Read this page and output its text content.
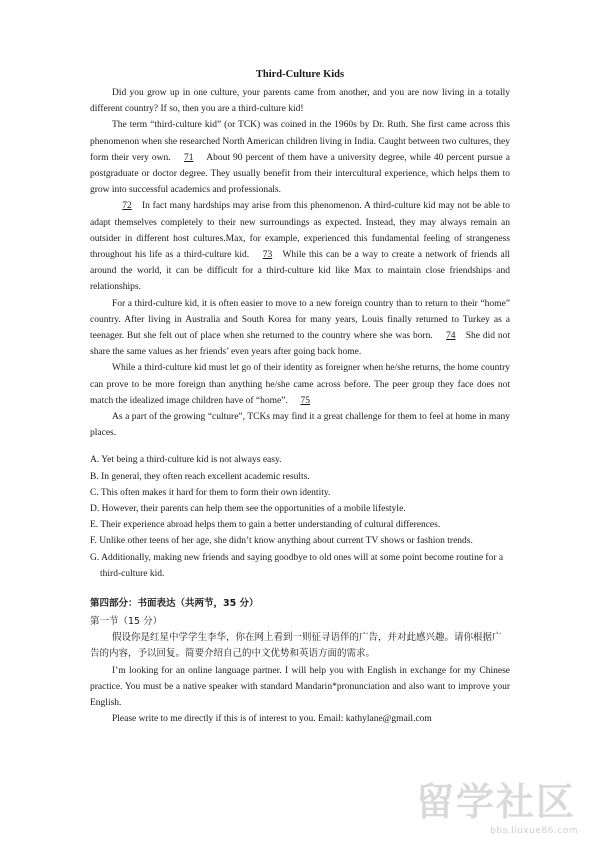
Third-Culture Kids

Did you grow up in one culture, your parents came from another, and you are now living in a totally different country? If so, then you are a third-culture kid!

The term “third-culture kid” (or TCK) was coined in the 1960s by Dr. Ruth. She first came across this phenomenon when she researched North American children living in India. Caught between two cultures, they form their very own. 71 About 90 percent of them have a university degree, while 40 percent pursue a postgraduate or doctor degree. They usually benefit from their intercultural experience, which helps them to grow into successful academics and professionals.

72 In fact many hardships may arise from this phenomenon. A third-culture kid may not be able to adapt themselves completely to their new surroundings as expected. Instead, they may always remain an outsider in different host cultures.Max, for example, experienced this fundamental feeling of strangeness throughout his life as a third-culture kid. 73 While this can be a way to create a network of friends all around the world, it can be difficult for a third-culture kid like Max to maintain close friendships and relationships.

For a third-culture kid, it is often easier to move to a new foreign country than to return to their “home” country. After living in Australia and South Korea for many years, Louis finally returned to Turkey as a teenager. But she felt out of place when she returned to the country where she was born. 74 She did not share the same values as her friends’ even years after going back home.

While a third-culture kid must let go of their identity as foreigner when he/she returns, the home country can prove to be more foreign than anything he/she came across before. The peer group they face does not match the idealized image children have of “home”. 75

As a part of the growing “culture”, TCKs may find it a great challenge for them to feel at home in many places.

A. Yet being a third-culture kid is not always easy.

B. In general, they often reach excellent academic results.

C. This often makes it hard for them to form their own identity.

D. However, their parents can help them see the opportunities of a mobile lifestyle.

E. Their experience abroad helps them to gain a better understanding of cultural differences.

F. Unlike other teens of her age, she didn’t know anything about current TV shows or fashion trends.

G. Additionally, making new friends and saying goodbye to old ones will at some point become routine for a third-culture kid.

第四部分：书面表达（共两节，35 分）

第一节（15 分）

假设你是红星中学学生李华，你在网上看到一则征寻语伴的广告，并对此感兴趣。请你根据广告的内容，予以回复。简要介绍自己的中文优势和英语方面的需求。

I’m looking for an online language partner. I will help you with English in exchange for my Chinese practice. You must be a native speaker with standard Mandarin*pronunciation and also want to improve your English.

Please write to me directly if this is of interest to you. Email: kathylane@gmail.com

留学社区
bbs.liuxue86.com
